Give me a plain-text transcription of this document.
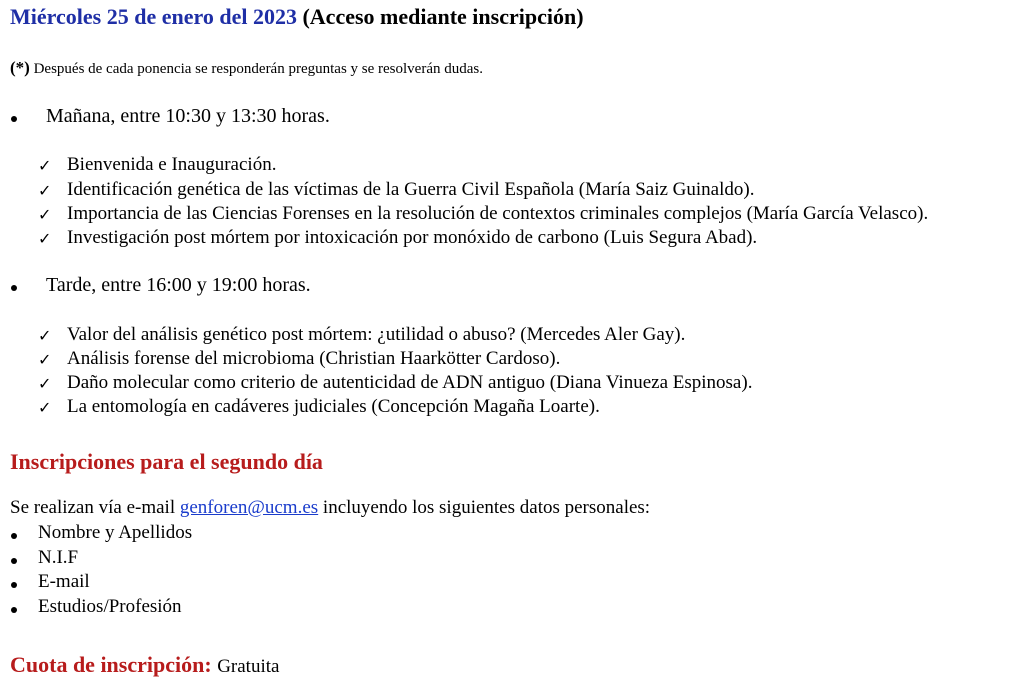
Miércoles 25 de enero del 2023 (Acceso mediante inscripción)
(*) Después de cada ponencia se responderán preguntas y se resolverán dudas.
Mañana, entre 10:30 y 13:30 horas.
✓ Bienvenida e Inauguración.
✓ Identificación genética de las víctimas de la Guerra Civil Española (María Saiz Guinaldo).
✓ Importancia de las Ciencias Forenses en la resolución de contextos criminales complejos (María García Velasco).
✓ Investigación post mórtem por intoxicación por monóxido de carbono (Luis Segura Abad).
Tarde, entre 16:00 y 19:00 horas.
✓ Valor del análisis genético post mórtem: ¿utilidad o abuso? (Mercedes Aler Gay).
✓ Análisis forense del microbioma (Christian Haarkötter Cardoso).
✓ Daño molecular como criterio de autenticidad de ADN antiguo (Diana Vinueza Espinosa).
✓ La entomología en cadáveres judiciales (Concepción Magaña Loarte).
Inscripciones para el segundo día
Se realizan vía e-mail genforen@ucm.es incluyendo los siguientes datos personales:
Nombre y Apellidos
N.I.F
E-mail
Estudios/Profesión
Cuota de inscripción: Gratuita
